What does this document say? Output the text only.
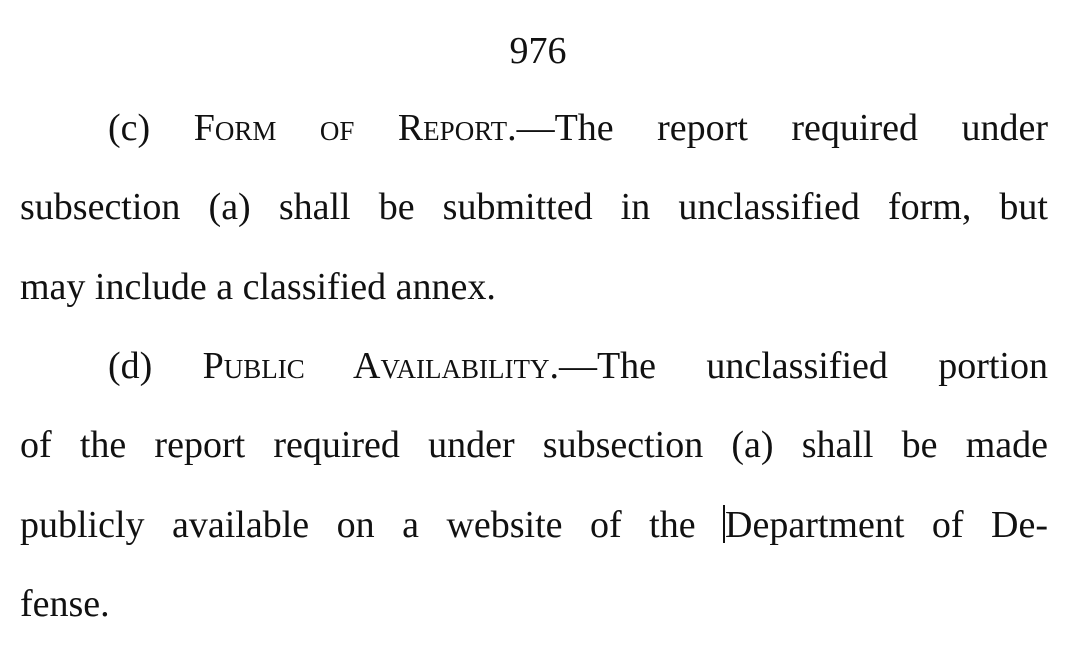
976
(c) Form of Report.—The report required under
subsection (a) shall be submitted in unclassified form, but
may include a classified annex.
(d) Public Availability.—The unclassified portion
of the report required under subsection (a) shall be made
publicly available on a website of the Department of De-
fense.
